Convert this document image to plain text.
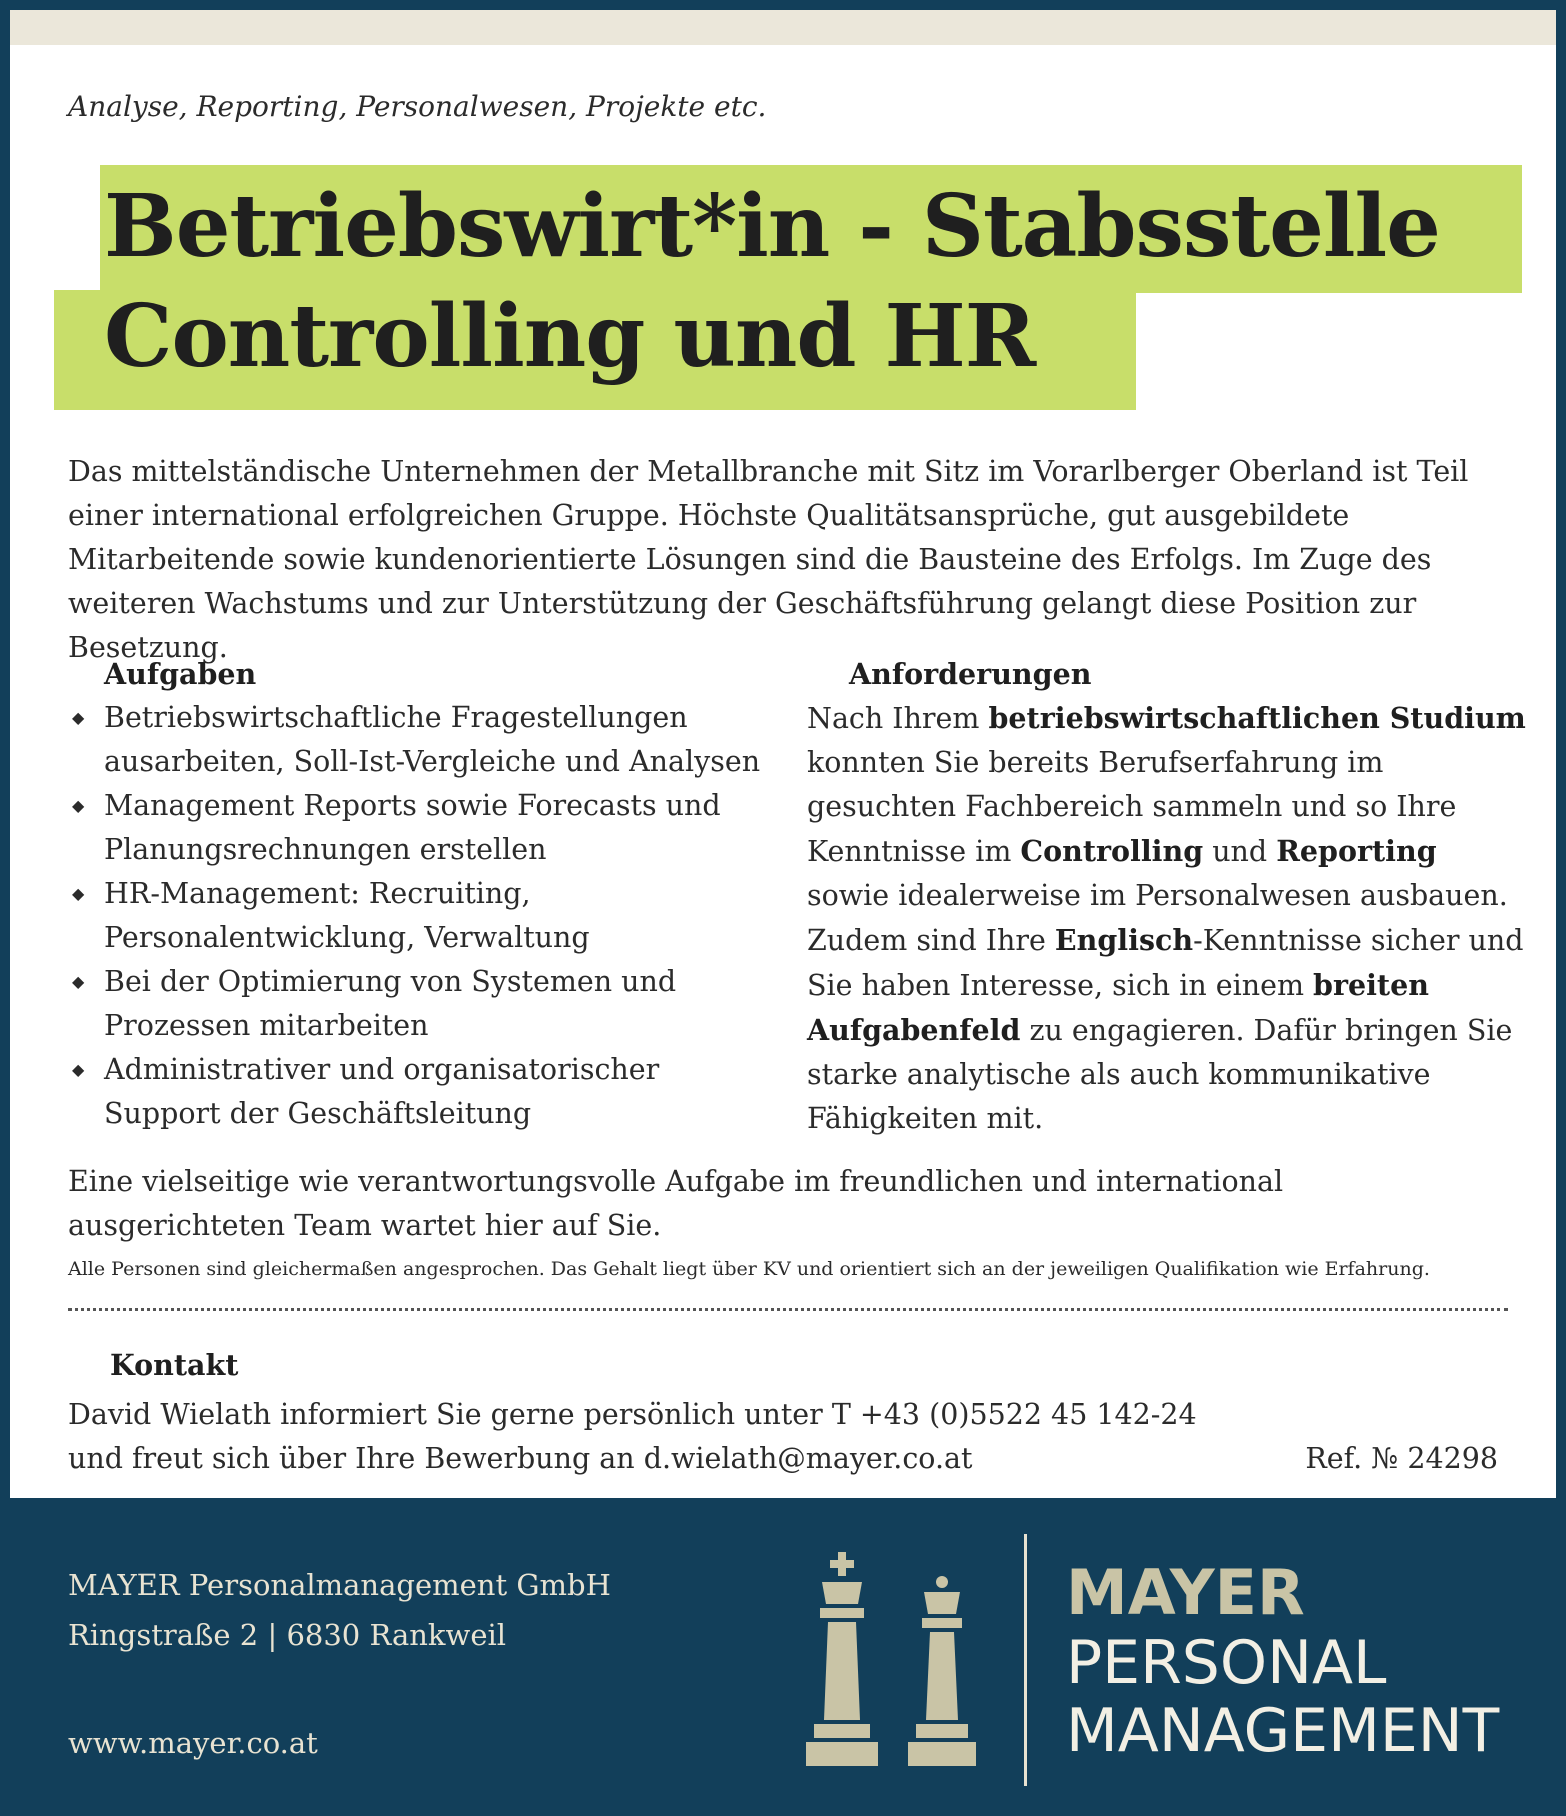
Analyse, Reporting, Personalwesen, Projekte etc.
Betriebswirt*in - Stabsstelle
Controlling und HR

Das mittelständische Unternehmen der Metallbranche mit Sitz im Vorarlberger Oberland ist Teil einer international erfolgreichen Gruppe. Höchste Qualitätsansprüche, gut ausgebildete Mitarbeitende sowie kundenorientierte Lösungen sind die Bausteine des Erfolgs. Im Zuge des weiteren Wachstums und zur Unterstützung der Geschäftsführung gelangt diese Position zur Besetzung.

Aufgaben
◆ Betriebswirtschaftliche Fragestellungen ausarbeiten, Soll-Ist-Vergleiche und Analysen
◆ Management Reports sowie Forecasts und Planungsrechnungen erstellen
◆ HR-Management: Recruiting, Personalentwicklung, Verwaltung
◆ Bei der Optimierung von Systemen und Prozessen mitarbeiten
◆ Administrativer und organisatorischer Support der Geschäftsleitung
Anforderungen

Nach Ihrem betriebswirtschaftlichen Studium konnten Sie bereits Berufserfahrung im gesuchten Fachbereich sammeln und so Ihre Kenntnisse im Controlling und Reporting sowie idealerweise im Personalwesen ausbauen. Zudem sind Ihre Englisch-Kenntnisse sicher und Sie haben Interesse, sich in einem breiten Aufgabenfeld zu engagieren. Dafür bringen Sie starke analytische als auch kommunikative Fähigkeiten mit.

Eine vielseitige wie verantwortungsvolle Aufgabe im freundlichen und international ausgerichteten Team wartet hier auf Sie.

Alle Personen sind gleichermaßen angesprochen. Das Gehalt liegt über KV und orientiert sich an der jeweiligen Qualifikation wie Erfahrung.
Kontakt
David Wielath informiert Sie gerne persönlich unter T +43 (0)5522 45 142-24
und freut sich über Ihre Bewerbung an d.wielath@mayer.co.at	Ref. № 24298
MAYER Personalmanagement GmbH
Ringstraße 2 | 6830 Rankweil
www.mayer.co.at
MAYER
PERSONAL
MANAGEMENT
